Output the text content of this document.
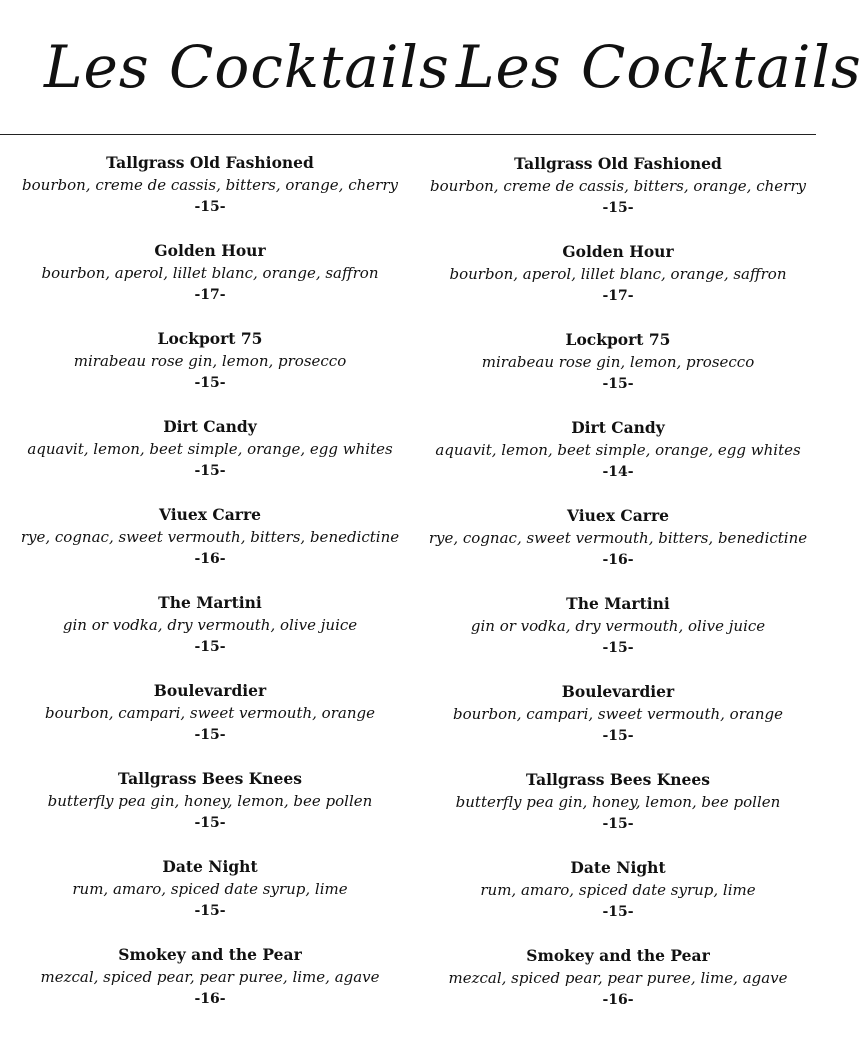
Les Cocktails Les Cocktails
Tallgrass Old Fashioned
bourbon, creme de cassis, bitters, orange, cherry
-15-
Golden Hour
bourbon, aperol, lillet blanc, orange, saffron
-17-
Lockport 75
mirabeau rose gin, lemon, prosecco
-15-
Dirt Candy
aquavit, lemon, beet simple, orange, egg whites
-15-
Viuex Carre
rye, cognac, sweet vermouth, bitters, benedictine
-16-
The Martini
gin or vodka, dry vermouth, olive juice
-15-
Boulevardier
bourbon, campari, sweet vermouth, orange
-15-
Tallgrass Bees Knees
butterfly pea gin, honey, lemon, bee pollen
-15-
Date Night
rum, amaro, spiced date syrup, lime
-15-
Smokey and the Pear
mezcal, spiced pear, pear puree, lime, agave
-16-
Tallgrass Old Fashioned
bourbon, creme de cassis, bitters, orange, cherry
-15-
Golden Hour
bourbon, aperol, lillet blanc, orange, saffron
-17-
Lockport 75
mirabeau rose gin, lemon, prosecco
-15-
Dirt Candy
aquavit, lemon, beet simple, orange, egg whites
-14-
Viuex Carre
rye, cognac, sweet vermouth, bitters, benedictine
-16-
The Martini
gin or vodka, dry vermouth, olive juice
-15-
Boulevardier
bourbon, campari, sweet vermouth, orange
-15-
Tallgrass Bees Knees
butterfly pea gin, honey, lemon, bee pollen
-15-
Date Night
rum, amaro, spiced date syrup, lime
-15-
Smokey and the Pear
mezcal, spiced pear, pear puree, lime, agave
-16-
